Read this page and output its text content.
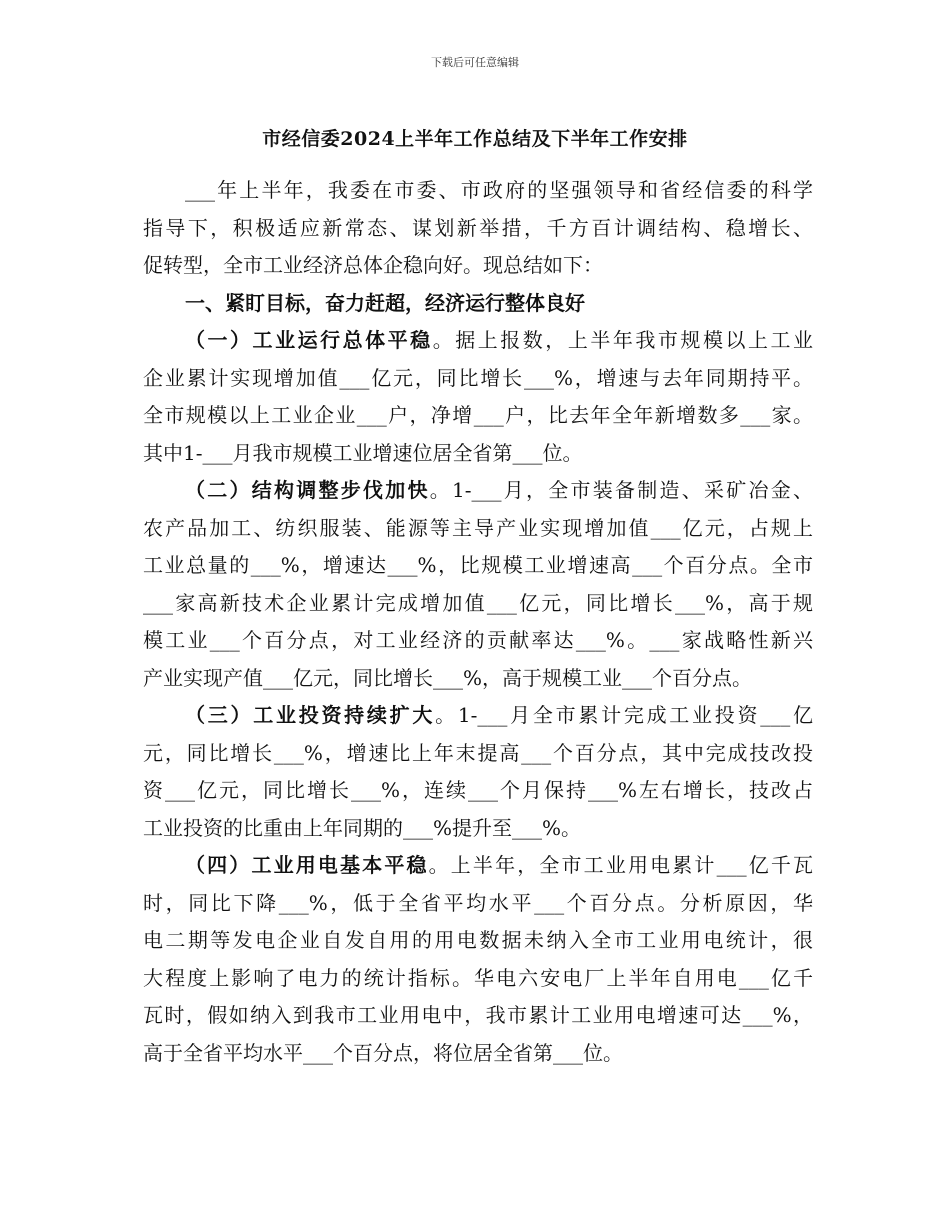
下载后可任意编辑
市经信委2024上半年工作总结及下半年工作安排
___年上半年，我委在市委、市政府的坚强领导和省经信委的科学
指导下，积极适应新常态、谋划新举措，千方百计调结构、稳增长、
促转型，全市工业经济总体企稳向好。现总结如下：
一、紧盯目标，奋力赶超，经济运行整体良好
（一）工业运行总体平稳。据上报数，上半年我市规模以上工业
企业累计实现增加值___亿元，同比增长___%，增速与去年同期持平。
全市规模以上工业企业___户，净增___户，比去年全年新增数多___家。
其中1-___月我市规模工业增速位居全省第___位。
（二）结构调整步伐加快。1-___月，全市装备制造、采矿冶金、
农产品加工、纺织服装、能源等主导产业实现增加值___亿元，占规上
工业总量的___%，增速达___%，比规模工业增速高___个百分点。全市
___家高新技术企业累计完成增加值___亿元，同比增长___%，高于规
模工业___个百分点，对工业经济的贡献率达___%。___家战略性新兴
产业实现产值___亿元，同比增长___%，高于规模工业___个百分点。
（三）工业投资持续扩大。1-___月全市累计完成工业投资___亿
元，同比增长___%，增速比上年末提高___个百分点，其中完成技改投
资___亿元，同比增长___%，连续___个月保持___%左右增长，技改占
工业投资的比重由上年同期的___%提升至___%。
（四）工业用电基本平稳。上半年，全市工业用电累计___亿千瓦
时，同比下降___%，低于全省平均水平___个百分点。分析原因，华
电二期等发电企业自发自用的用电数据未纳入全市工业用电统计，很
大程度上影响了电力的统计指标。华电六安电厂上半年自用电___亿千
瓦时，假如纳入到我市工业用电中，我市累计工业用电增速可达___%，
高于全省平均水平___个百分点，将位居全省第___位。
